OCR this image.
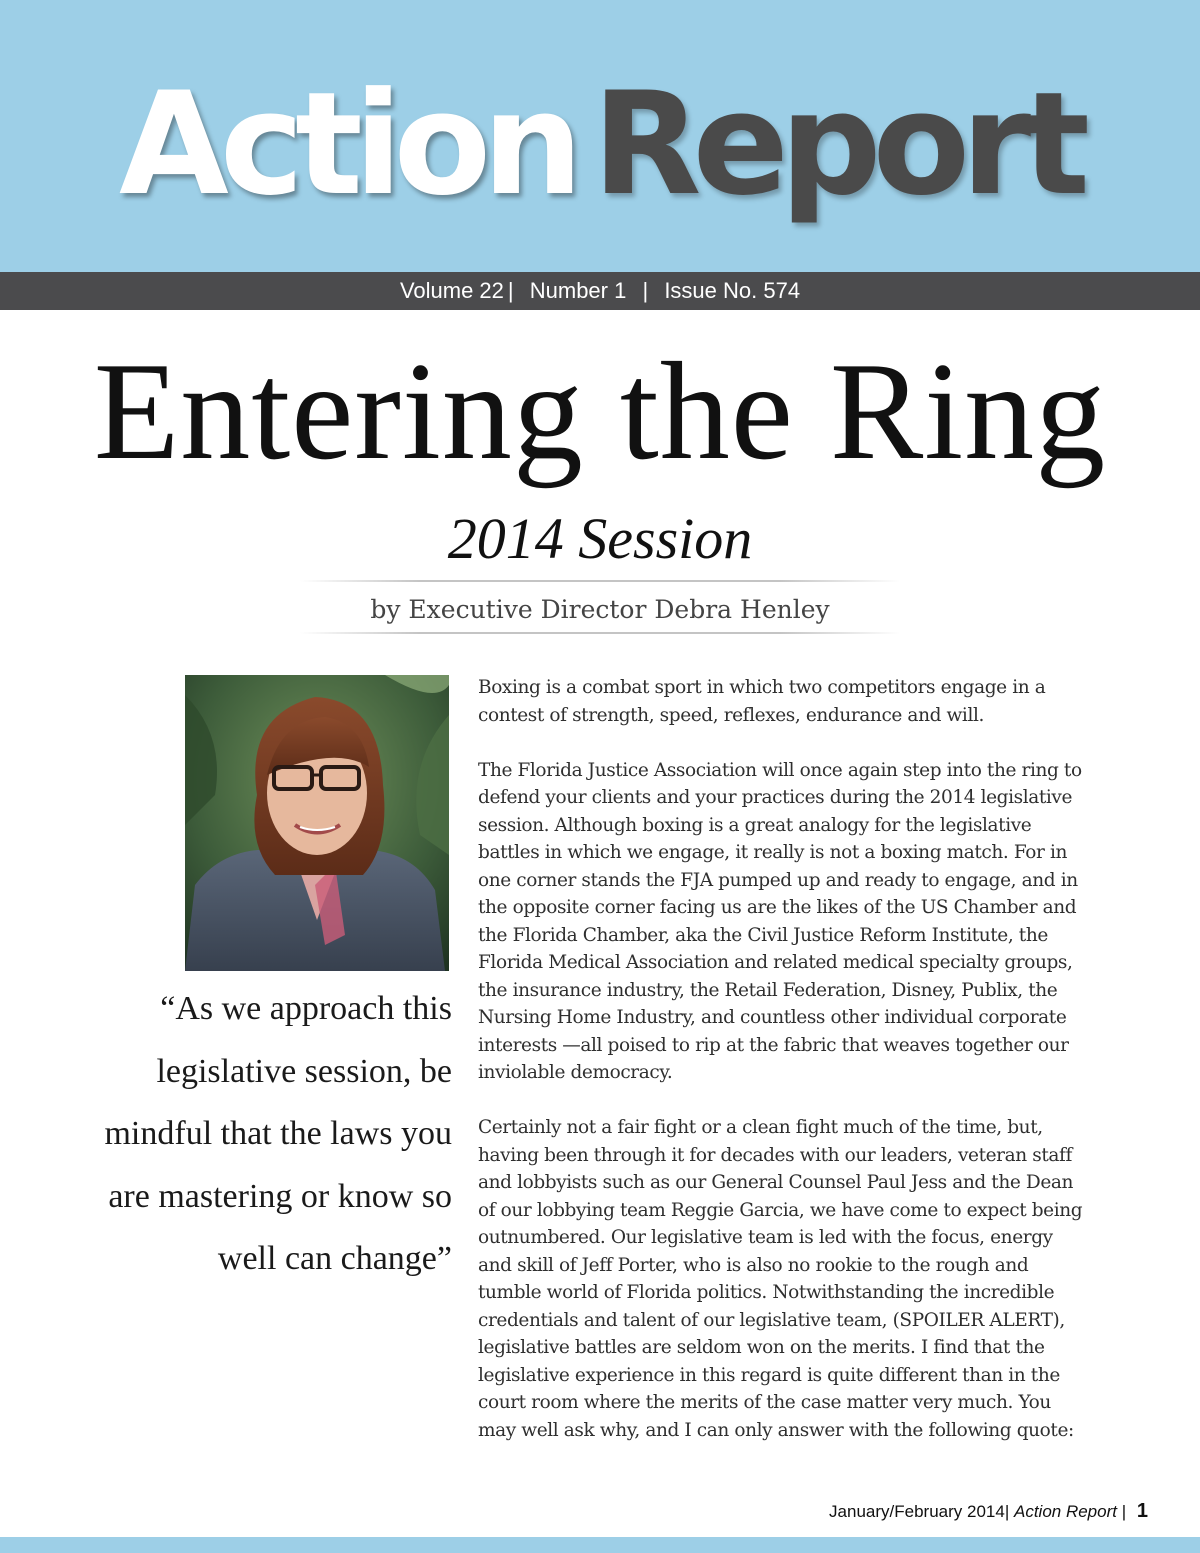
Action Report
Volume 22 | Number 1 | Issue No. 574
Entering the Ring
2014 Session
by Executive Director Debra Henley
“As we approach this legislative session, be mindful that the laws you are mastering or know so well can change”

Boxing is a combat sport in which two competitors engage in a contest of strength, speed, reflexes, endurance and will.

The Florida Justice Association will once again step into the ring to defend your clients and your practices during the 2014 legislative session. Although boxing is a great analogy for the legislative battles in which we engage, it really is not a boxing match. For in one corner stands the FJA pumped up and ready to engage, and in the opposite corner facing us are the likes of the US Chamber and the Florida Chamber, aka the Civil Justice Reform Institute, the Florida Medical Association and related medical specialty groups, the insurance industry, the Retail Federation, Disney, Publix, the Nursing Home Industry, and countless other individual corporate interests —all poised to rip at the fabric that weaves together our inviolable democracy.

Certainly not a fair fight or a clean fight much of the time, but, having been through it for decades with our leaders, veteran staff and lobbyists such as our General Counsel Paul Jess and the Dean of our lobbying team Reggie Garcia, we have come to expect being outnumbered. Our legislative team is led with the focus, energy and skill of Jeff Porter, who is also no rookie to the rough and tumble world of Florida politics. Notwithstanding the incredible credentials and talent of our legislative team, (SPOILER ALERT), legislative battles are seldom won on the merits. I find that the legislative experience in this regard is quite different than in the court room where the merits of the case matter very much. You may well ask why, and I can only answer with the following quote:

January/February 2014| Action Report | 1
